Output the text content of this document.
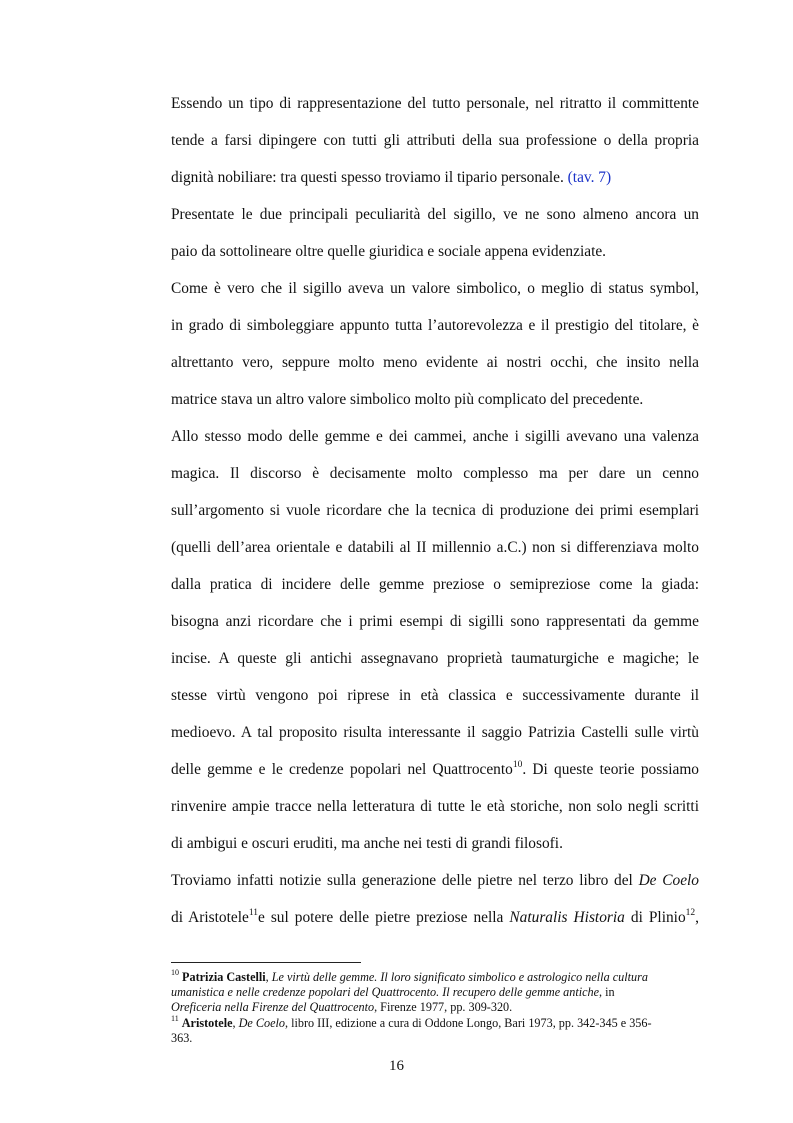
Essendo un tipo di rappresentazione del tutto personale, nel ritratto il committente
tende a farsi dipingere con tutti gli attributi della sua professione o della propria
dignità nobiliare: tra questi spesso troviamo il tipario personale. (tav. 7)
Presentate le due principali peculiarità del sigillo, ve ne sono almeno ancora un
paio da sottolineare oltre quelle giuridica e sociale appena evidenziate.
Come è vero che il sigillo aveva un valore simbolico, o meglio di status symbol,
in grado di simboleggiare appunto tutta l’autorevolezza e il prestigio del titolare, è
altrettanto vero, seppure molto meno evidente ai nostri occhi, che insito nella
matrice stava un altro valore simbolico molto più complicato del precedente.
Allo stesso modo delle gemme e dei cammei, anche i sigilli avevano una valenza
magica. Il discorso è decisamente molto complesso ma per dare un cenno
sull’argomento si vuole ricordare che la tecnica di produzione dei primi esemplari
(quelli dell’area orientale e databili al II millennio a.C.) non si differenziava molto
dalla pratica di incidere delle gemme preziose o semipreziose come la giada:
bisogna anzi ricordare che i primi esempi di sigilli sono rappresentati da gemme
incise. A queste gli antichi assegnavano proprietà taumaturgiche e magiche; le
stesse virtù vengono poi riprese in età classica e successivamente durante il
medioevo. A tal proposito risulta interessante il saggio Patrizia Castelli sulle virtù
delle gemme e le credenze popolari nel Quattrocento$^{10}$. Di queste teorie possiamo
rinvenire ampie tracce nella letteratura di tutte le età storiche, non solo negli scritti
di ambigui e oscuri eruditi, ma anche nei testi di grandi filosofi.
Troviamo infatti notizie sulla generazione delle pietre nel terzo libro del De Coelo
di Aristotele$^{11}$e sul potere delle pietre preziose nella Naturalis Historia di Plinio$^{12}$,
$^{10}$ Patrizia Castelli, Le virtù delle gemme. Il loro significato simbolico e astrologico nella cultura
umanistica e nelle credenze popolari del Quattrocento. Il recupero delle gemme antiche, in
Oreficeria nella Firenze del Quattrocento, Firenze 1977, pp. 309-320.
$^{11}$ Aristotele, De Coelo, libro III, edizione a cura di Oddone Longo, Bari 1973, pp. 342-345 e 356-
363.
16
